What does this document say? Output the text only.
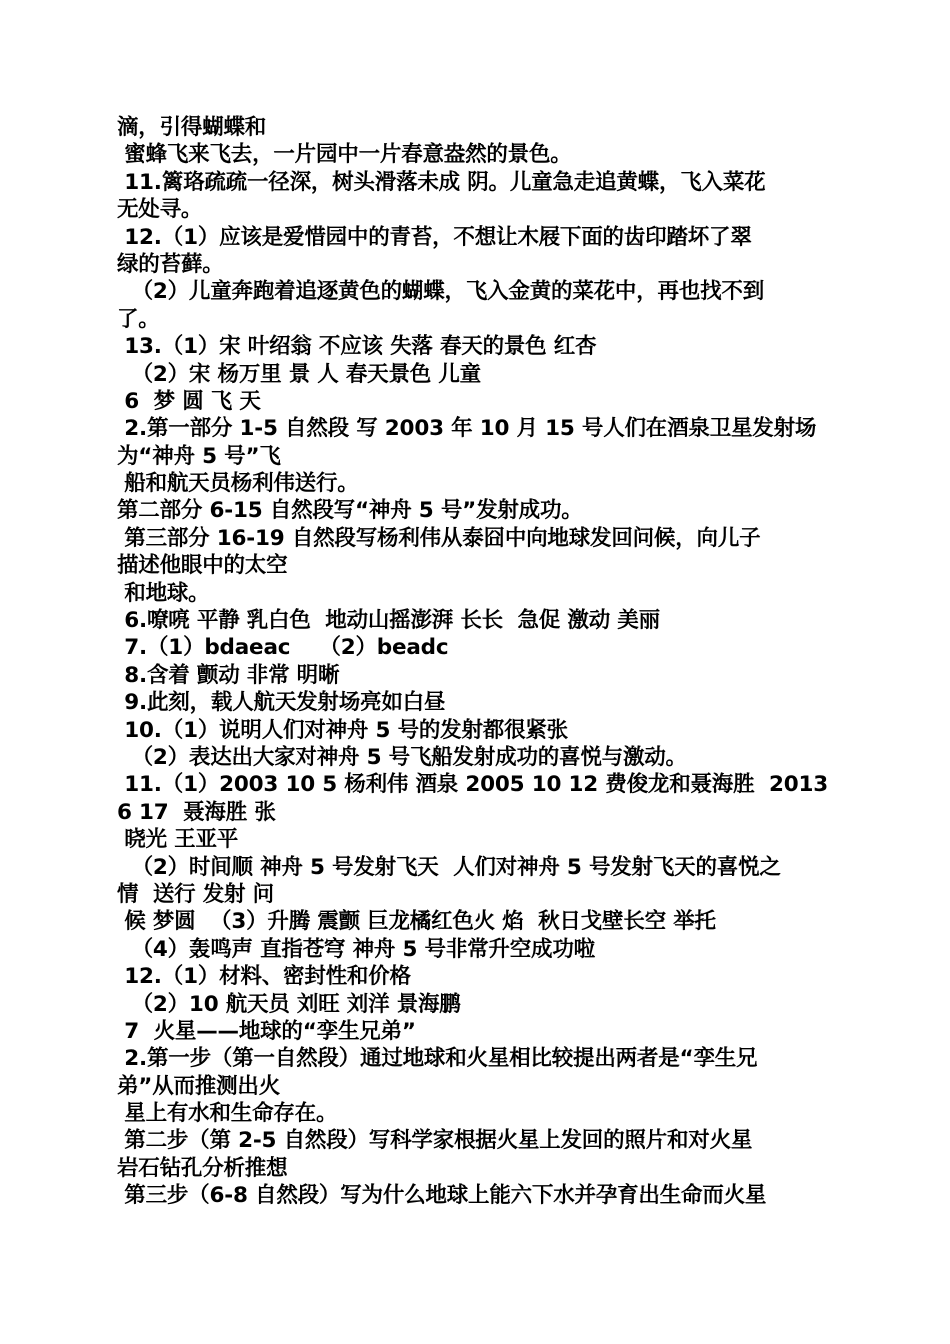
滴，引得蝴蝶和
蜜蜂飞来飞去，一片园中一片春意盎然的景色。
11.篱珞疏疏一径深，树头滑落未成 阴。儿童急走追黄蝶，飞入菜花
无处寻。
12.（1）应该是爱惜园中的青苔，不想让木屐下面的齿印踏坏了翠
绿的苔藓。
（2）儿童奔跑着追逐黄色的蝴蝶，飞入金黄的菜花中，再也找不到
了。
13.（1）宋 叶绍翁 不应该 失落 春天的景色 红杏
（2）宋 杨万里 景 人 春天景色 儿童
6  梦 圆 飞 天
2.第一部分 1-5 自然段 写 2003 年 10 月 15 号人们在酒泉卫星发射场
为“神舟 5 号”飞
船和航天员杨利伟送行。
第二部分 6-15 自然段写“神舟 5 号”发射成功。
第三部分 16-19 自然段写杨利伟从泰囧中向地球发回问候，向儿子
描述他眼中的太空
和地球。
6.嘹喨 平静 乳白色  地动山摇澎湃 长长  急促 激动 美丽
7.（1）bdaeac    （2）beadc
8.含着 颤动 非常 明晰
9.此刻，载人航天发射场亮如白昼
10.（1）说明人们对神舟 5 号的发射都很紧张
（2）表达出大家对神舟 5 号飞船发射成功的喜悦与激动。
11.（1）2003 10 5 杨利伟 酒泉 2005 10 12 费俊龙和聂海胜  2013
6 17  聂海胜 张
晓光 王亚平
（2）时间顺 神舟 5 号发射飞天  人们对神舟 5 号发射飞天的喜悦之
情  送行 发射 问
候 梦圆  （3）升腾 震颤 巨龙橘红色火 焰  秋日戈壁长空 举托
（4）轰鸣声 直指苍穹 神舟 5 号非常升空成功啦
12.（1）材料、密封性和价格
（2）10 航天员 刘旺 刘洋 景海鹏
7  火星——地球的“孪生兄弟”
2.第一步（第一自然段）通过地球和火星相比较提出两者是“孪生兄
弟”从而推测出火
星上有水和生命存在。
第二步（第 2-5 自然段）写科学家根据火星上发回的照片和对火星
岩石钻孔分析推想
第三步（6-8 自然段）写为什么地球上能六下水并孕育出生命而火星
